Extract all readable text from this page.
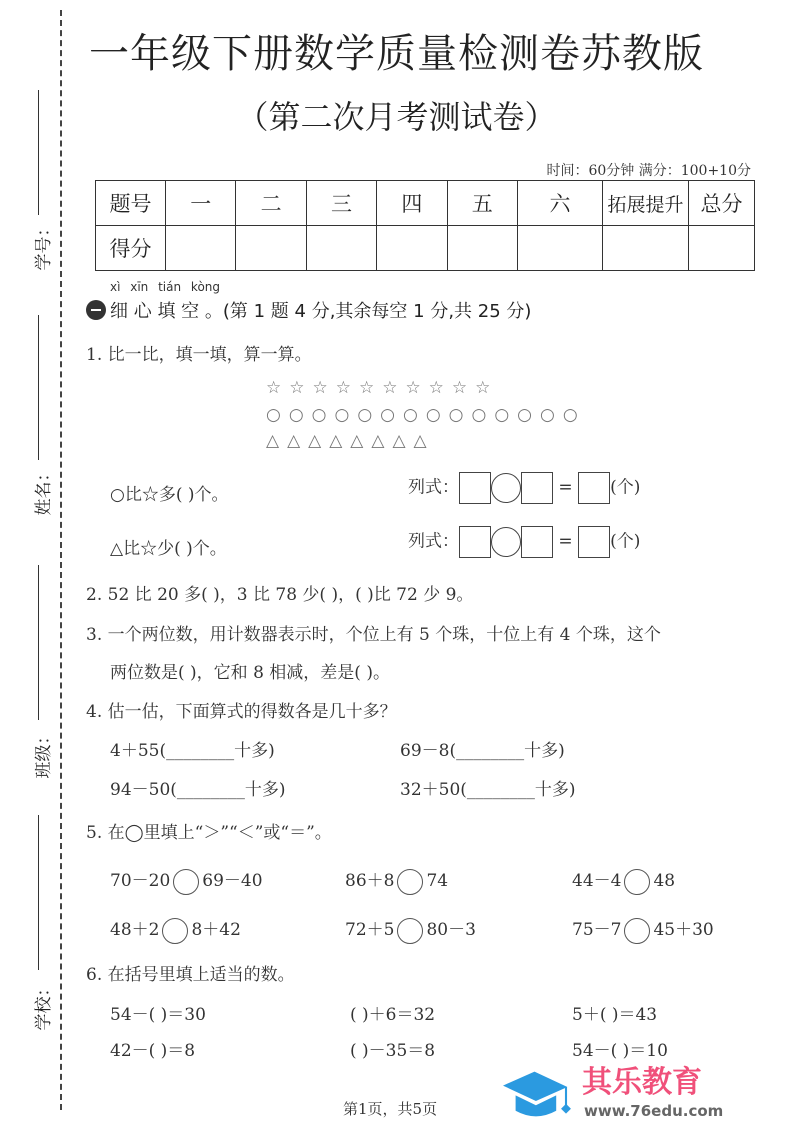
学号：
姓名：
班级：
学校：
一年级下册数学质量检测卷苏教版
（第二次月考测试卷）
时间：60分钟 满分：100+10分
题号	一	二	三	四	五	六	拓展提升	总分
得分								
xì xīn tián kòng
细 心 填 空 。(第 1 题 4 分,其余每空 1 分,共 25 分)
1. 比一比，填一填，算一算。
☆☆☆☆☆☆☆☆☆☆
○○○○○○○○○○○○○○
△△△△△△△△
○比☆多( )个。	列式：	= (个)
△比☆少( )个。	列式：	= (个)
2. 52 比 20 多( )，3 比 78 少( )，( )比 72 少 9。
3. 一个两位数，用计数器表示时，个位上有 5 个珠，十位上有 4 个珠，这个
两位数是( )，它和 8 相减，差是( )。
4. 估一估，下面算式的得数各是几十多？
4＋55(________十多)	69－8(________十多)
94－50(________十多)	32＋50(________十多)
5. 在◯里填上“＞”“＜”或“＝”。
70－20 69－40	86＋8 74	44－4 48
48＋2 8＋42	72＋5 80－3	75－7 45＋30
6. 在括号里填上适当的数。
54－( )＝30	( )＋6＝32	5＋( )＝43
42－( )＝8	( )－35＝8	54－( )＝10
其乐教育
www.76edu.com
第1页，共5页
